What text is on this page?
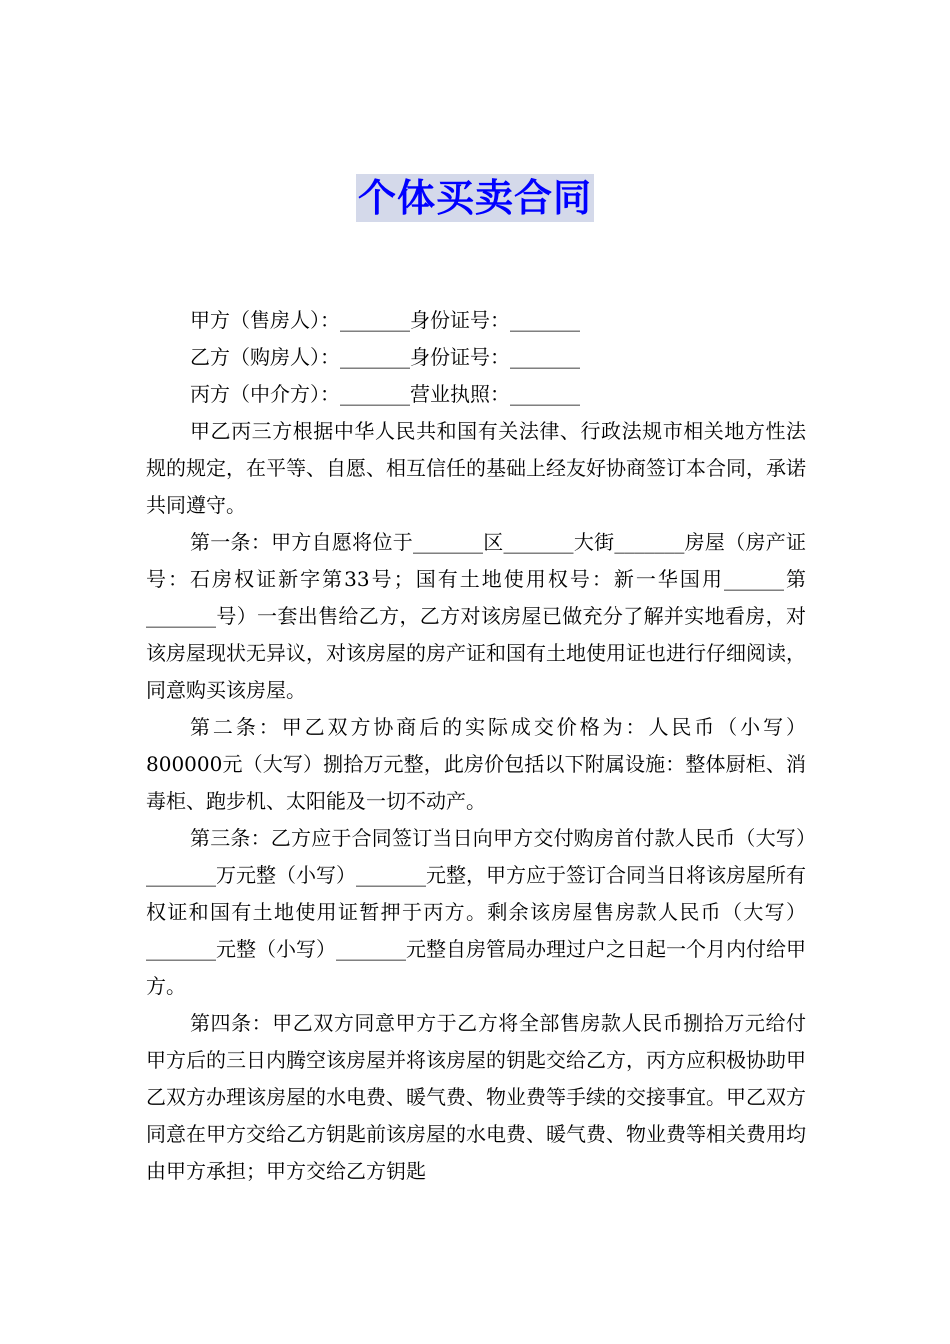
个体买卖合同
甲方（售房人）：_______身份证号：_______
乙方（购房人）：_______身份证号：_______
丙方（中介方）：_______营业执照：_______

甲乙丙三方根据中华人民共和国有关法律、行政法规市相关地方性法规的规定，在平等、自愿、相互信任的基础上经友好协商签订本合同，承诺共同遵守。

第一条：甲方自愿将位于_______区_______大街_______房屋（房产证号：石房权证新字第33号；国有土地使用权号：新一华国用______第_______号）一套出售给乙方，乙方对该房屋已做充分了解并实地看房，对该房屋现状无异议，对该房屋的房产证和国有土地使用证也进行仔细阅读，同意购买该房屋。

第二条：甲乙双方协商后的实际成交价格为：人民币（小写）800000元（大写）捌拾万元整，此房价包括以下附属设施：整体厨柜、消毒柜、跑步机、太阳能及一切不动产。

第三条：乙方应于合同签订当日向甲方交付购房首付款人民币（大写）_______万元整（小写）_______元整，甲方应于签订合同当日将该房屋所有权证和国有土地使用证暂押于丙方。剩余该房屋售房款人民币（大写）_______元整（小写）_______元整自房管局办理过户之日起一个月内付给甲方。

第四条：甲乙双方同意甲方于乙方将全部售房款人民币捌拾万元给付甲方后的三日内腾空该房屋并将该房屋的钥匙交给乙方，丙方应积极协助甲乙双方办理该房屋的水电费、暖气费、物业费等手续的交接事宜。甲乙双方同意在甲方交给乙方钥匙前该房屋的水电费、暖气费、物业费等相关费用均由甲方承担；甲方交给乙方钥匙
